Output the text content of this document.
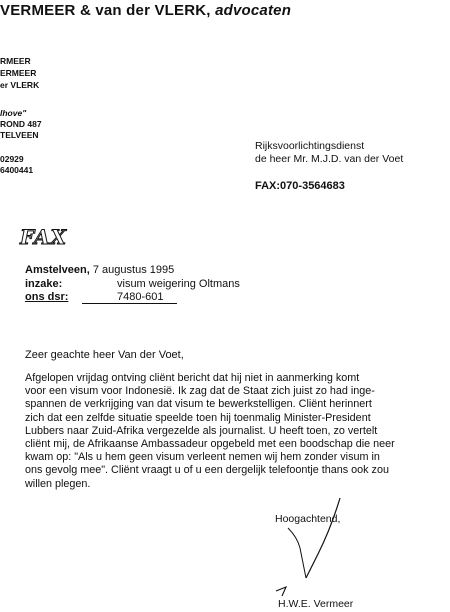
VERMEER & van der VLERK, advocaten
RMEER
ERMEER
er VLERK
lhove"
ROND 487
TELVEEN
02929
6400441
Rijksvoorlichtingsdienst
de heer Mr. M.J.D. van der Voet
FAX:070-3564683
FAX
Amstelveen, 7 augustus 1995
inzake:	visum weigering Oltmans
ons dsr:	7480-601
Zeer geachte heer Van der Voet,

Afgelopen vrijdag ontving cliënt bericht dat hij niet in aanmerking komt

voor een visum voor Indonesië. Ik zag dat de Staat zich juist zo had inge-

spannen de verkrijging van dat visum te bewerkstelligen. Cliënt herinnert

zich dat een zelfde situatie speelde toen hij toenmalig Minister-President

Lubbers naar Zuid-Afrika vergezelde als journalist. U heeft toen, zo vertelt

cliënt mij, de Afrikaanse Ambassadeur opgebeld met een boodschap die neer

kwam op: "Als u hem geen visum verleent nemen wij hem zonder visum in

ons gevolg mee". Cliënt vraagt u of u een dergelijk telefoontje thans ook zou

willen plegen.

Hoogachtend,
H.W.E. Vermeer
